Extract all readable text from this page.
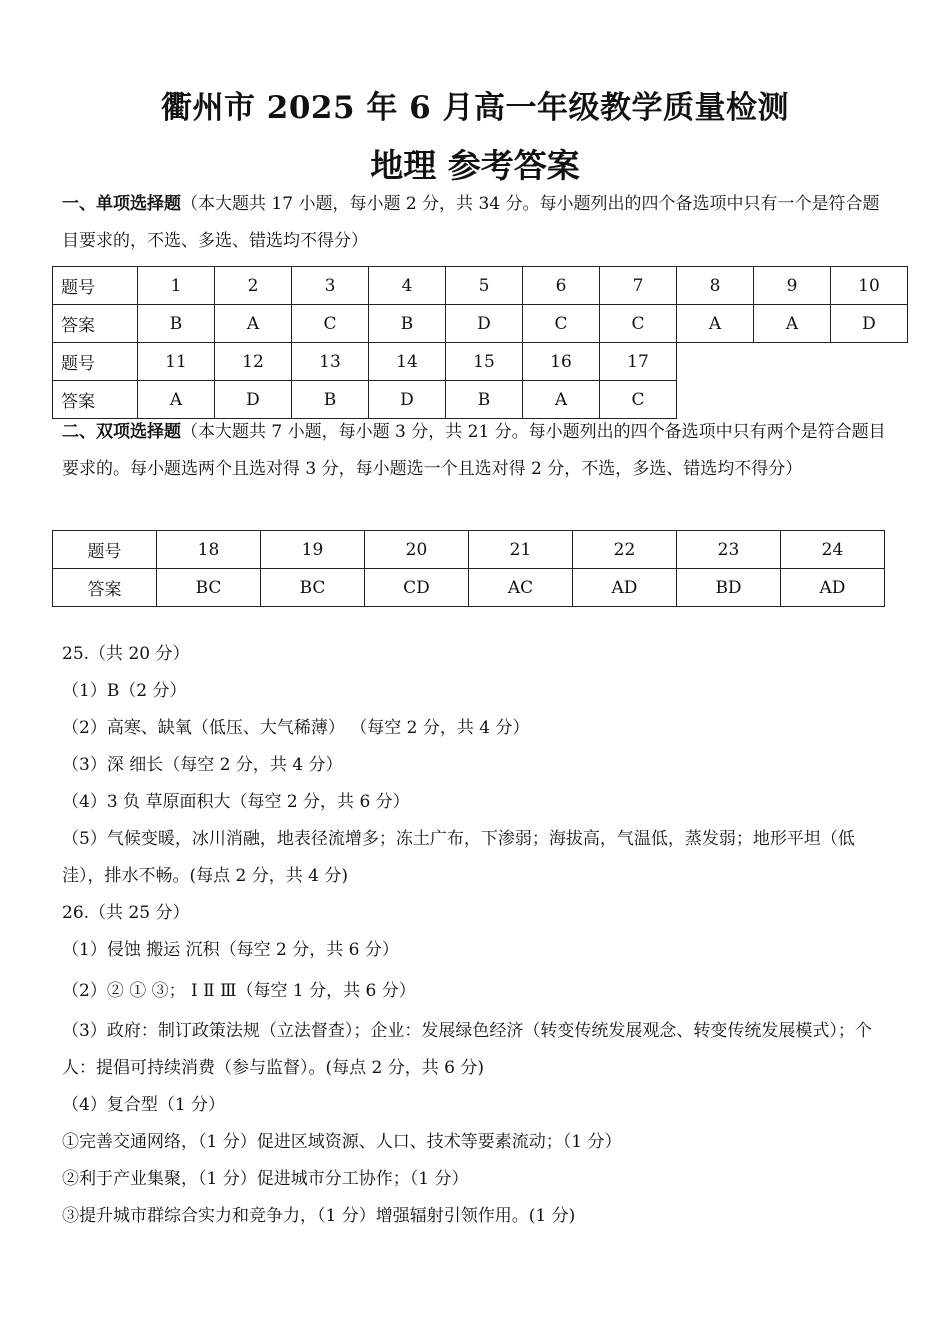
衢州市 2025 年 6 月高一年级教学质量检测
地理 参考答案
一、单项选择题（本大题共 17 小题，每小题 2 分，共 34 分。每小题列出的四个备选项中只有一个是符合题目要求的，不选、多选、错选均不得分）
题号	1	2	3	4	5	6	7	8	9	10
答案	B	A	C	B	D	C	C	A	A	D
题号	11	12	13	14	15	16	17			
答案	A	D	B	D	B	A	C			
二、双项选择题（本大题共 7 小题，每小题 3 分，共 21 分。每小题列出的四个备选项中只有两个是符合题目要求的。每小题选两个且选对得 3 分，每小题选一个且选对得 2 分，不选，多选、错选均不得分）
题号	18	19	20	21	22	23	24
答案	BC	BC	CD	AC	AD	BD	AD
25.（共 20 分）
（1）B（2 分）
（2）高寒、缺氧（低压、大气稀薄） （每空 2 分，共 4 分）
（3）深 细长（每空 2 分，共 4 分）
（4）3 负 草原面积大（每空 2 分，共 6 分）
（5）气候变暖，冰川消融，地表径流增多；冻土广布，下渗弱；海拔高，气温低，蒸发弱；地形平坦（低洼），排水不畅。(每点 2 分，共 4 分)
26.（共 25 分）
（1）侵蚀 搬运 沉积（每空 2 分，共 6 分）
（2）② ① ③； Ⅰ Ⅱ Ⅲ（每空 1 分，共 6 分）
（3）政府：制订政策法规（立法督查）；企业：发展绿色经济（转变传统发展观念、转变传统发展模式）；个人：提倡可持续消费（参与监督）。(每点 2 分，共 6 分)
（4）复合型（1 分）
①完善交通网络，（1 分）促进区域资源、人口、技术等要素流动；（1 分）
②利于产业集聚，（1 分）促进城市分工协作；（1 分）
③提升城市群综合实力和竞争力，（1 分）增强辐射引领作用。(1 分)
